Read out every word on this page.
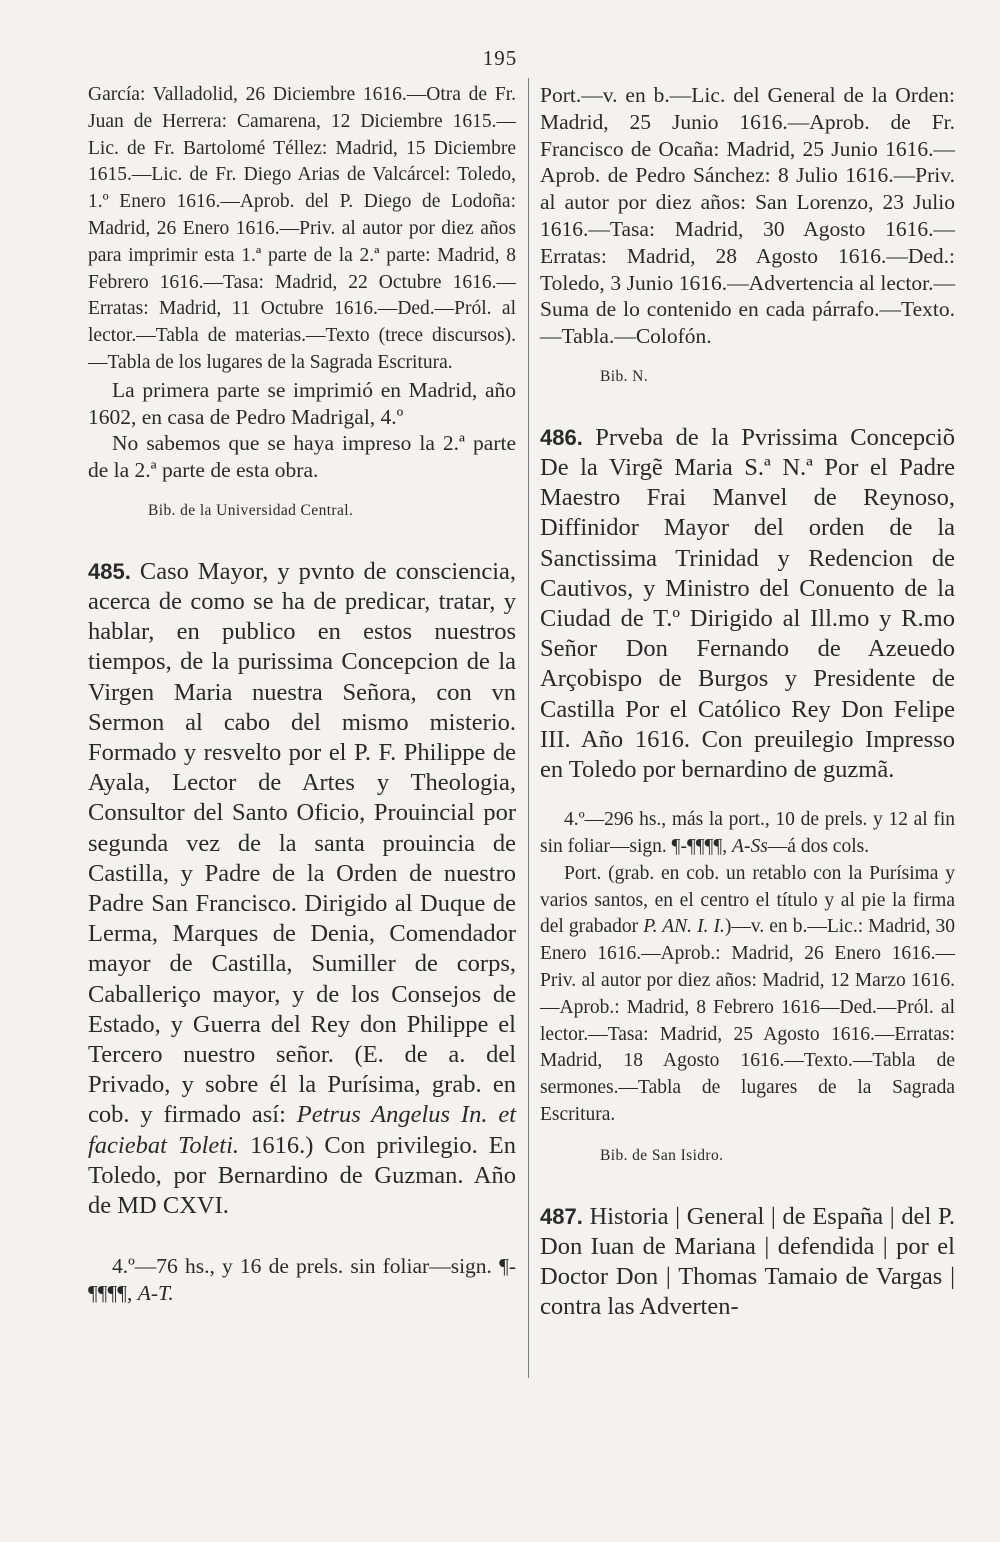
195

García: Valladolid, 26 Diciembre 1616.—Otra de Fr. Juan de Herrera: Camarena, 12 Diciembre 1615.—Lic. de Fr. Bartolomé Téllez: Madrid, 15 Diciembre 1615.—Lic. de Fr. Diego Arias de Valcárcel: Toledo, 1.º Enero 1616.—Aprob. del P. Diego de Lodoña: Madrid, 26 Enero 1616.—Priv. al autor por diez años para imprimir esta 1.ª parte de la 2.ª parte: Madrid, 8 Febrero 1616.—Tasa: Madrid, 22 Octubre 1616.—Erratas: Madrid, 11 Octubre 1616.—Ded.—Pról. al lector.—Tabla de materias.—Texto (trece discursos).—Tabla de los lugares de la Sagrada Escritura.

La primera parte se imprimió en Madrid, año 1602, en casa de Pedro Madrigal, 4.º

No sabemos que se haya impreso la 2.ª parte de la 2.ª parte de esta obra.

Bib. de la Universidad Central.

485. Caso Mayor, y pvnto de consciencia, acerca de como se ha de predicar, tratar, y hablar, en publico en estos nuestros tiempos, de la purissima Concepcion de la Virgen Maria nuestra Señora, con vn Sermon al cabo del mismo misterio. Formado y resvelto por el P. F. Philippe de Ayala, Lector de Artes y Theologia, Consultor del Santo Oficio, Prouincial por segunda vez de la santa prouincia de Castilla, y Padre de la Orden de nuestro Padre San Francisco. Dirigido al Duque de Lerma, Marques de Denia, Comendador mayor de Castilla, Sumiller de corps, Caballeriço mayor, y de los Consejos de Estado, y Guerra del Rey don Philippe el Tercero nuestro señor. (E. de a. del Privado, y sobre él la Purísima, grab. en cob. y firmado así: Petrus Angelus In. et faciebat Toleti. 1616.) Con privilegio. En Toledo, por Bernardino de Guzman. Año de MD CXVI.

4.º—76 hs., y 16 de prels. sin foliar—sign. ¶-¶¶¶¶, A-T.

Port.—v. en b.—Lic. del General de la Orden: Madrid, 25 Junio 1616.—Aprob. de Fr. Francisco de Ocaña: Madrid, 25 Junio 1616.—Aprob. de Pedro Sánchez: 8 Julio 1616.—Priv. al autor por diez años: San Lorenzo, 23 Julio 1616.—Tasa: Madrid, 30 Agosto 1616.—Erratas: Madrid, 28 Agosto 1616.—Ded.: Toledo, 3 Junio 1616.—Advertencia al lector.—Suma de lo contenido en cada párrafo.—Texto.—Tabla.—Colofón.

Bib. N.

486. Prveba de la Pvrissima Concepciõ De la Virgẽ Maria S.ª N.ª Por el Padre Maestro Frai Manvel de Reynoso, Diffinidor Mayor del orden de la Sanctissima Trinidad y Redencion de Cautivos, y Ministro del Conuento de la Ciudad de T.º Dirigido al Ill.mo y R.mo Señor Don Fernando de Azeuedo Arçobispo de Burgos y Presidente de Castilla Por el Católico Rey Don Felipe III. Año 1616. Con preuilegio Impresso en Toledo por bernardino de guzmã.

4.º—296 hs., más la port., 10 de prels. y 12 al fin sin foliar—sign. ¶-¶¶¶¶, A-Ss—á dos cols.

Port. (grab. en cob. un retablo con la Purísima y varios santos, en el centro el título y al pie la firma del grabador P. AN. I. I.)—v. en b.—Lic.: Madrid, 30 Enero 1616.—Aprob.: Madrid, 26 Enero 1616.—Priv. al autor por diez años: Madrid, 12 Marzo 1616.—Aprob.: Madrid, 8 Febrero 1616—Ded.—Pról. al lector.—Tasa: Madrid, 25 Agosto 1616.—Erratas: Madrid, 18 Agosto 1616.—Texto.—Tabla de sermones.—Tabla de lugares de la Sagrada Escritura.

Bib. de San Isidro.

487. Historia | General | de España | del P. Don Iuan de Mariana | defendida | por el Doctor Don | Thomas Tamaio de Vargas | contra las Adverten-
